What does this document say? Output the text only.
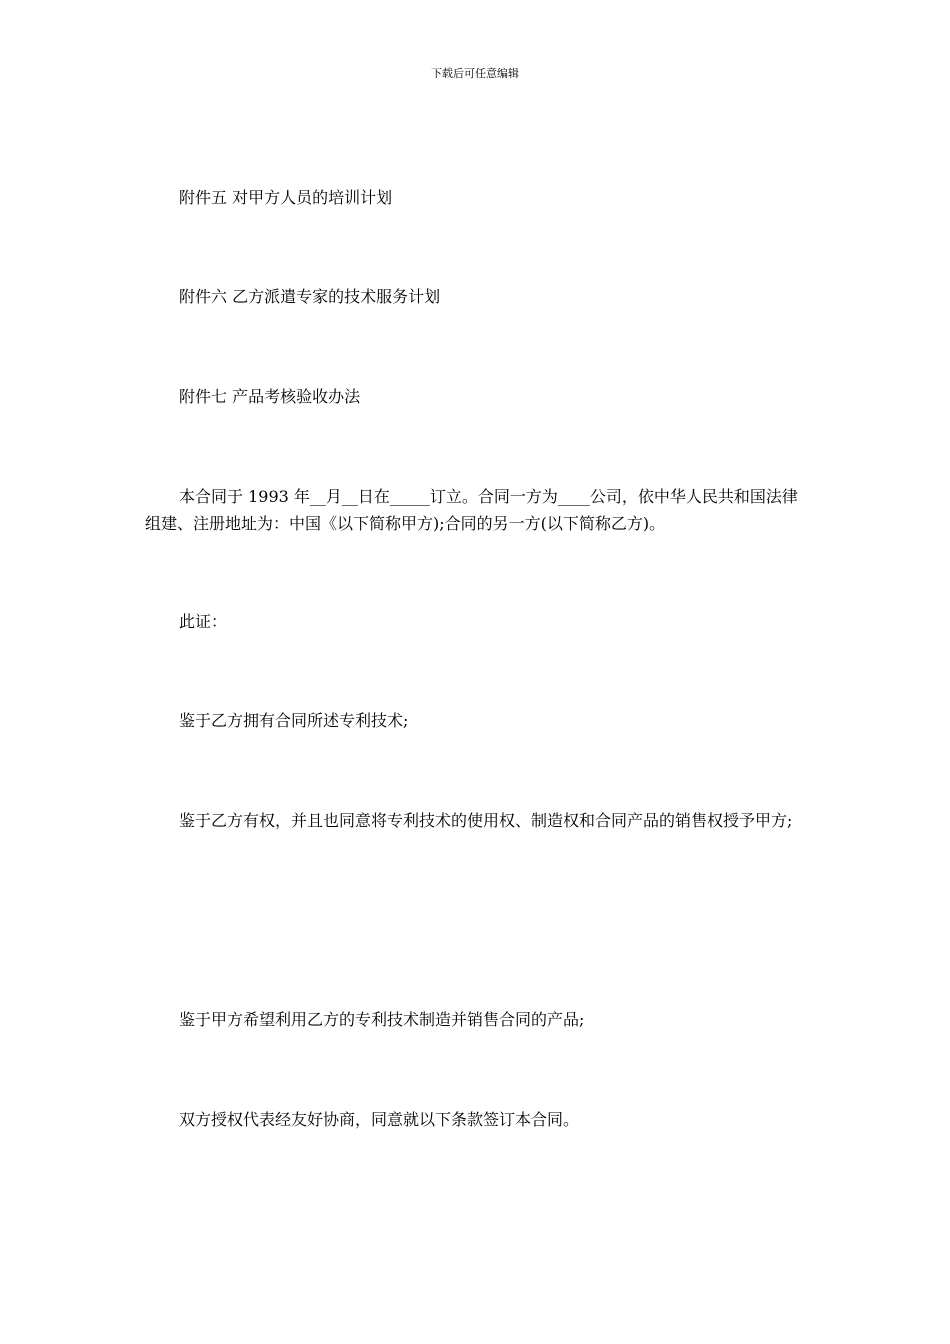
下载后可任意编辑

附件五 对甲方人员的培训计划

附件六 乙方派遣专家的技术服务计划

附件七 产品考核验收办法

本合同于 1993 年__月__日在_____订立。合同一方为____公司，依中华人民共和国法律组建、注册地址为：中国《以下简称甲方);合同的另一方(以下简称乙方)。

此证：

鉴于乙方拥有合同所述专利技术;

鉴于乙方有权，并且也同意将专利技术的使用权、制造权和合同产品的销售权授予甲方;

鉴于甲方希望利用乙方的专利技术制造并销售合同的产品;

双方授权代表经友好协商，同意就以下条款签订本合同。
